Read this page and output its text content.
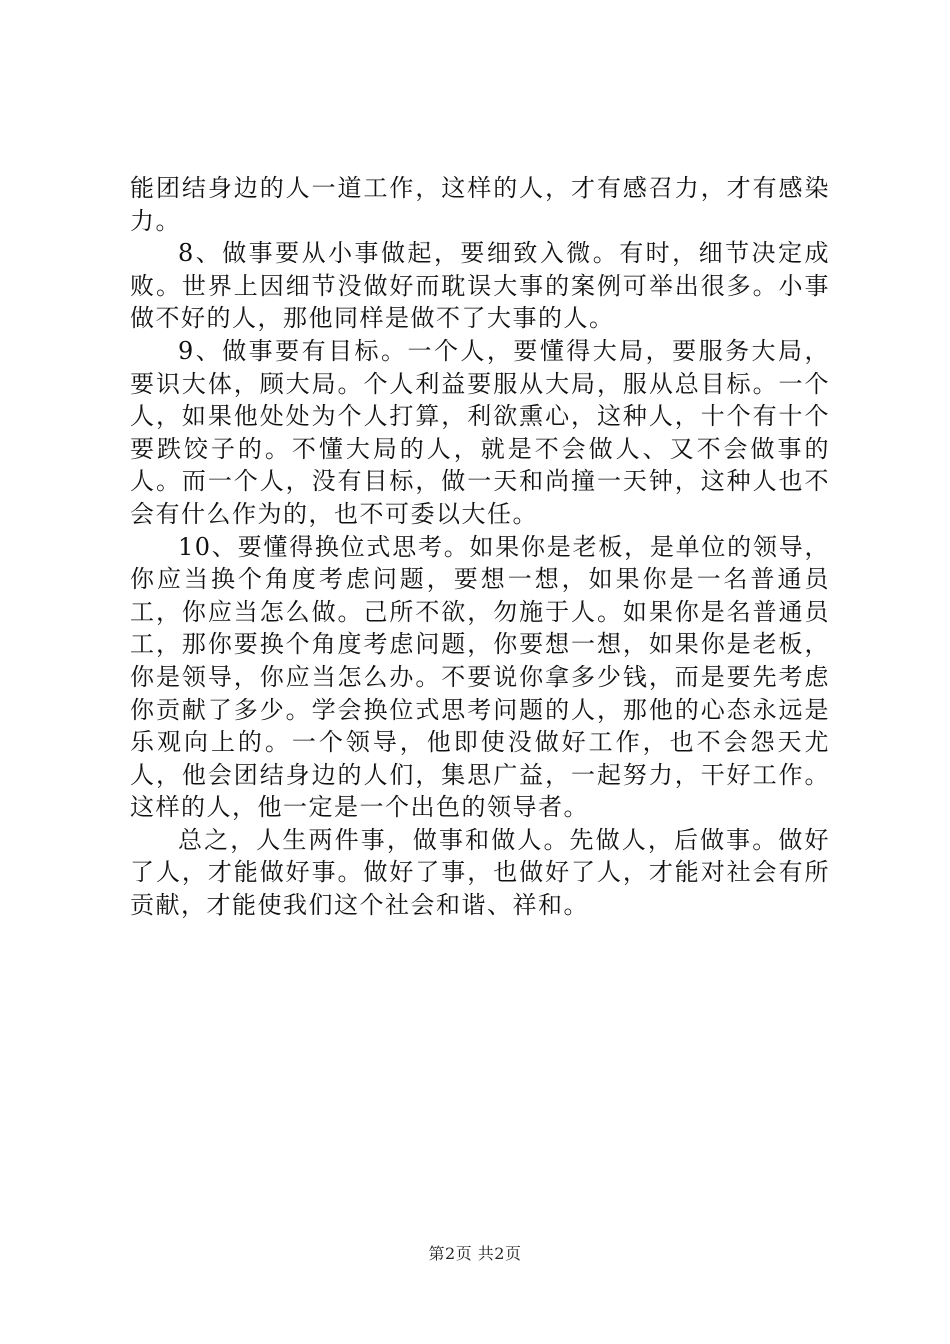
能团结身边的人一道工作，这样的人，才有感召力，才有感染力。

8、做事要从小事做起，要细致入微。有时，细节决定成败。世界上因细节没做好而耽误大事的案例可举出很多。小事做不好的人，那他同样是做不了大事的人。

9、做事要有目标。一个人，要懂得大局，要服务大局，要识大体，顾大局。个人利益要服从大局，服从总目标。一个人，如果他处处为个人打算，利欲熏心，这种人，十个有十个要跌饺子的。不懂大局的人，就是不会做人、又不会做事的人。而一个人，没有目标，做一天和尚撞一天钟，这种人也不会有什么作为的，也不可委以大任。

10、要懂得换位式思考。如果你是老板，是单位的领导，你应当换个角度考虑问题，要想一想，如果你是一名普通员工，你应当怎么做。己所不欲，勿施于人。如果你是名普通员工，那你要换个角度考虑问题，你要想一想，如果你是老板，你是领导，你应当怎么办。不要说你拿多少钱，而是要先考虑你贡献了多少。学会换位式思考问题的人，那他的心态永远是乐观向上的。一个领导，他即使没做好工作，也不会怨天尤人，他会团结身边的人们，集思广益，一起努力，干好工作。这样的人，他一定是一个出色的领导者。

总之，人生两件事，做事和做人。先做人，后做事。做好了人，才能做好事。做好了事，也做好了人，才能对社会有所贡献，才能使我们这个社会和谐、祥和。

第2页 共2页
